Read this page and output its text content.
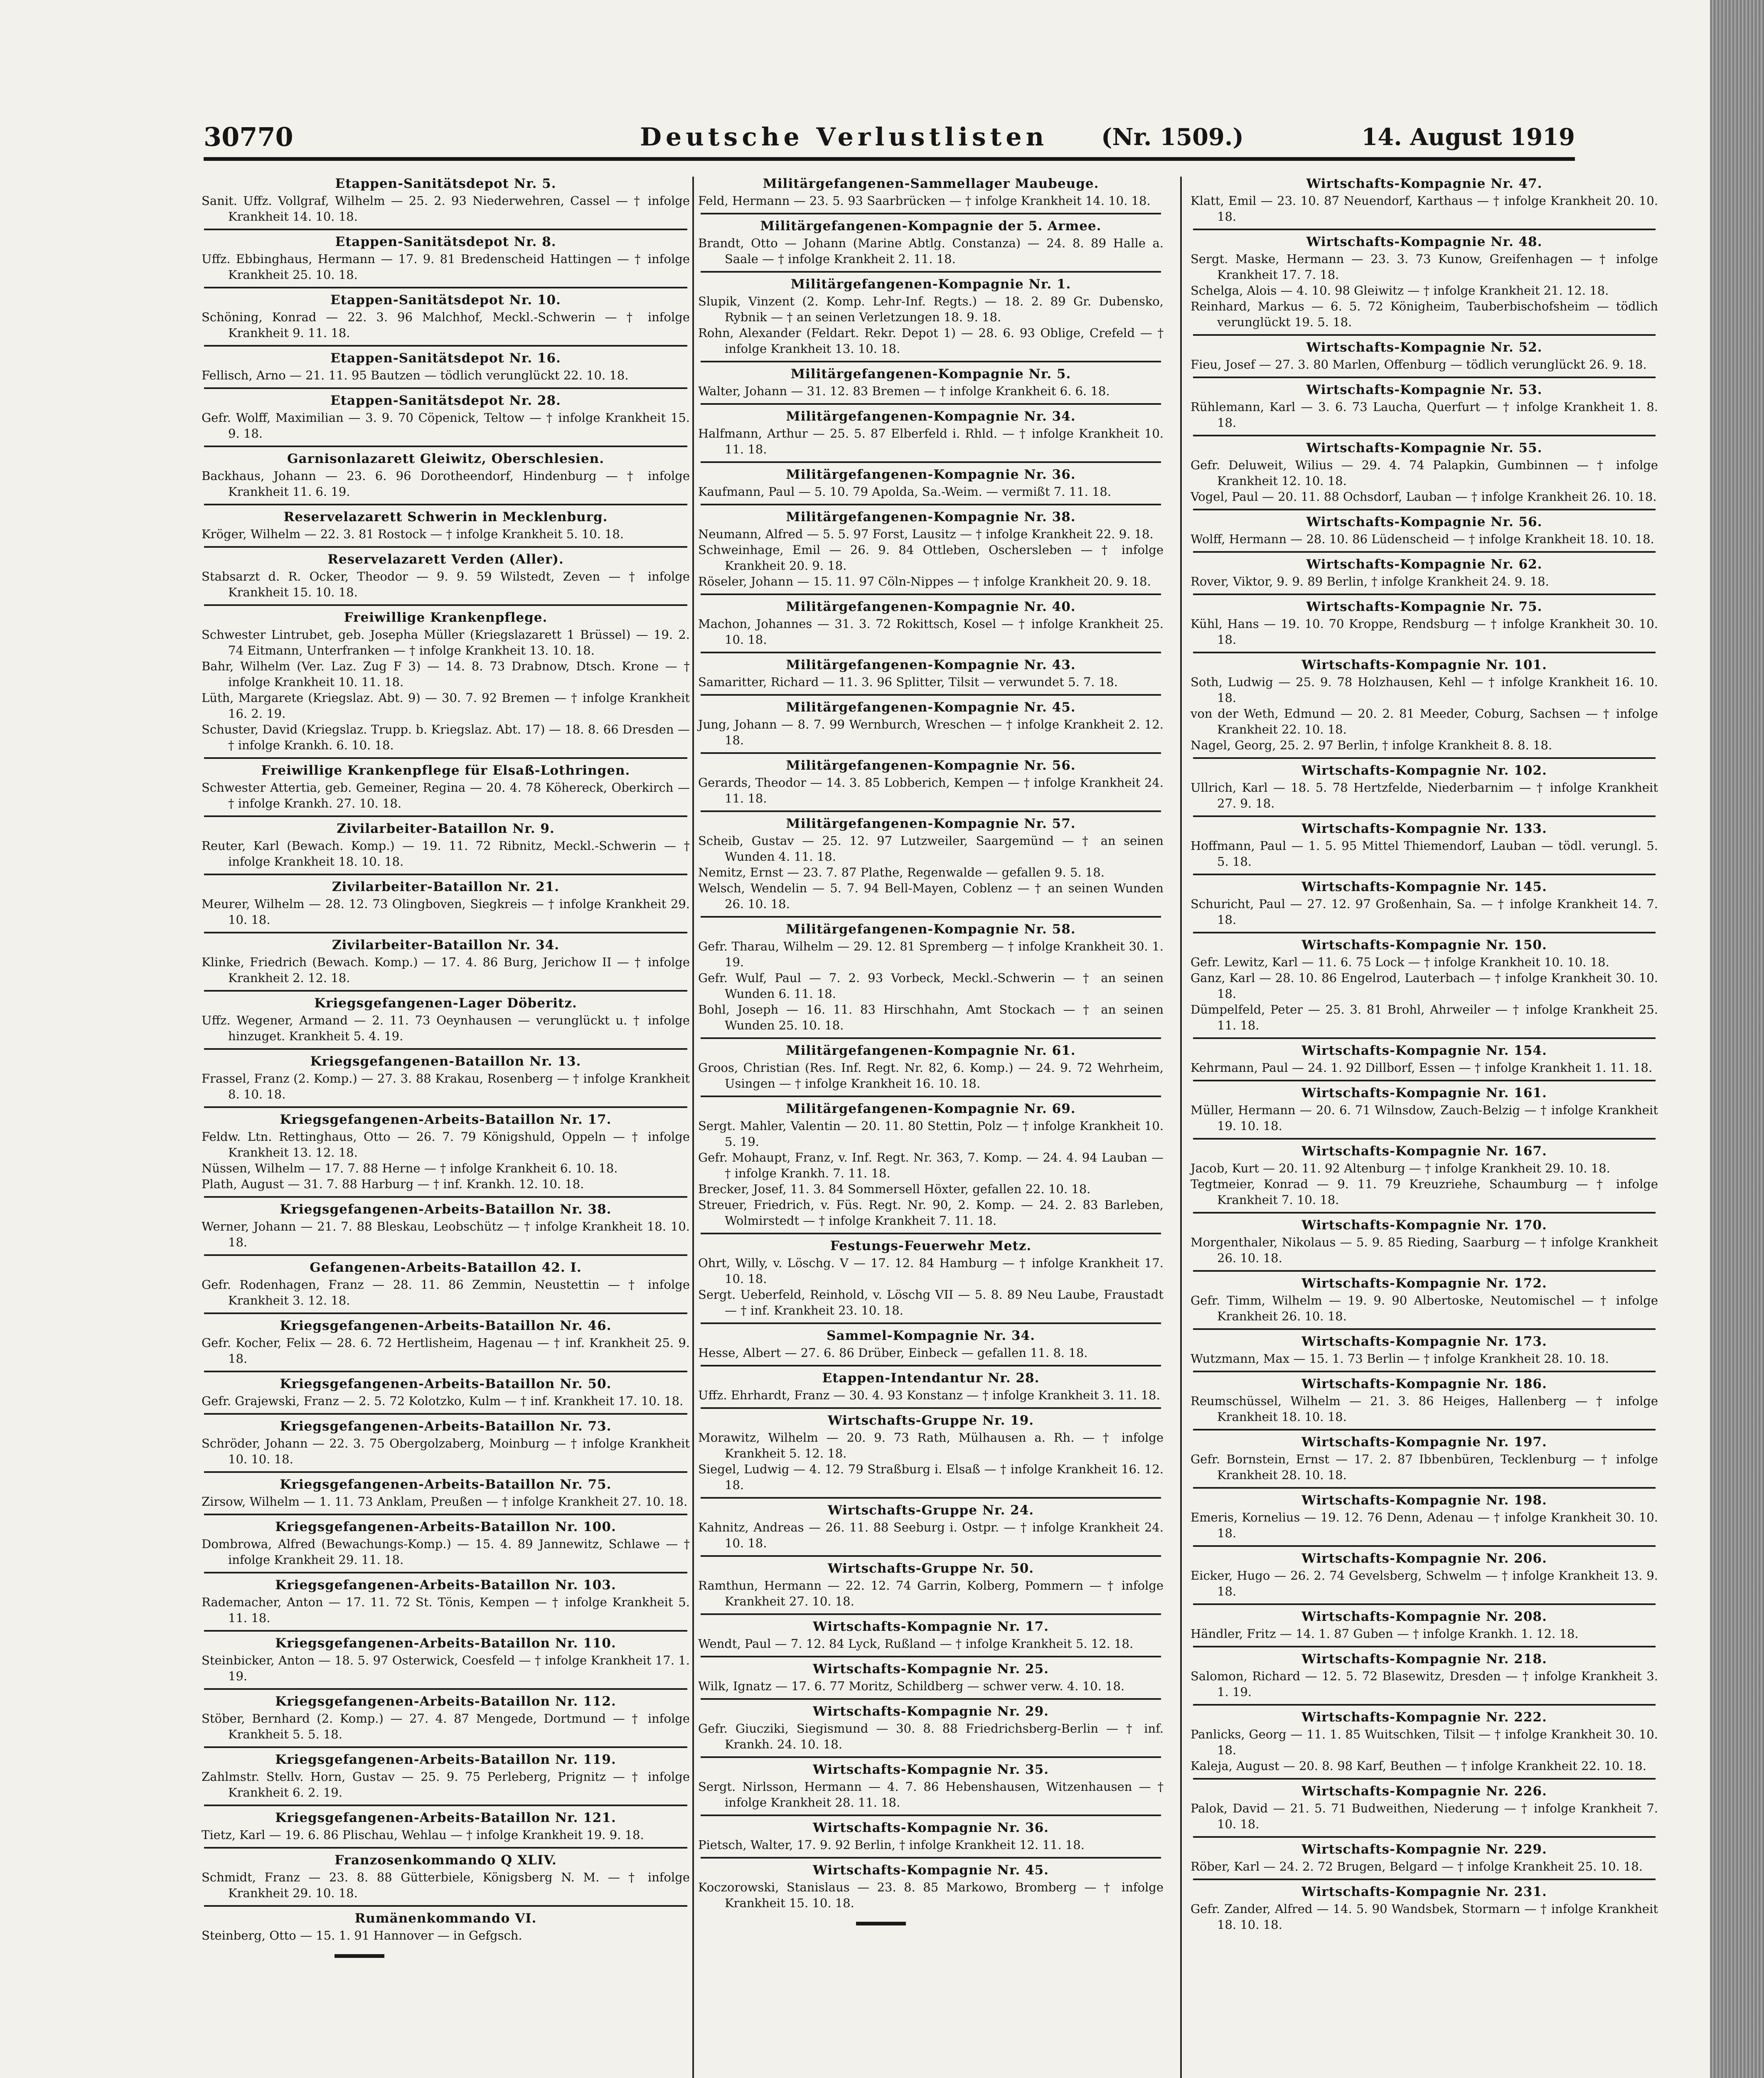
30770	Deutsche Verlustlisten (Nr. 1509.)	14. August 1919
Etappen-Sanitätsdepot Nr. 5.
Sanit. Uffz. Vollgraf, Wilhelm — 25. 2. 93 Niederwehren, Cassel — † infolge Krankheit 14. 10. 18.
Etappen-Sanitätsdepot Nr. 8.
Uffz. Ebbinghaus, Hermann — 17. 9. 81 Bredenscheid Hattingen — † infolge Krankheit 25. 10. 18.
Etappen-Sanitätsdepot Nr. 10.
Schöning, Konrad — 22. 3. 96 Malchhof, Meckl.-Schwerin — † infolge Krankheit 9. 11. 18.
Etappen-Sanitätsdepot Nr. 16.
Fellisch, Arno — 21. 11. 95 Bautzen — tödlich verunglückt 22. 10. 18.
Etappen-Sanitätsdepot Nr. 28.
Gefr. Wolff, Maximilian — 3. 9. 70 Cöpenick, Teltow — † infolge Krankheit 15. 9. 18.
Garnisonlazarett Gleiwitz, Oberschlesien.
Backhaus, Johann — 23. 6. 96 Dorotheendorf, Hindenburg — † infolge Krankheit 11. 6. 19.
Reservelazarett Schwerin in Mecklenburg.
Kröger, Wilhelm — 22. 3. 81 Rostock — † infolge Krankheit 5. 10. 18.
Reservelazarett Verden (Aller).
Stabsarzt d. R. Ocker, Theodor — 9. 9. 59 Wilstedt, Zeven — † infolge Krankheit 15. 10. 18.
Freiwillige Krankenpflege.
Schwester Lintrubet, geb. Josepha Müller (Kriegslazarett 1 Brüssel) — 19. 2. 74 Eitmann, Unterfranken — † infolge Krankheit 13. 10. 18.
Bahr, Wilhelm (Ver. Laz. Zug F 3) — 14. 8. 73 Drabnow, Dtsch. Krone — † infolge Krankheit 10. 11. 18.
Lüth, Margarete (Kriegslaz. Abt. 9) — 30. 7. 92 Bremen — † infolge Krankheit 16. 2. 19.
Schuster, David (Kriegslaz. Trupp. b. Kriegslaz. Abt. 17) — 18. 8. 66 Dresden — † infolge Krankh. 6. 10. 18.
Freiwillige Krankenpflege für Elsaß-Lothringen.
Schwester Attertia, geb. Gemeiner, Regina — 20. 4. 78 Köhereck, Oberkirch — † infolge Krankh. 27. 10. 18.
Zivilarbeiter-Bataillon Nr. 9.
Reuter, Karl (Bewach. Komp.) — 19. 11. 72 Ribnitz, Meckl.-Schwerin — † infolge Krankheit 18. 10. 18.
Zivilarbeiter-Bataillon Nr. 21.
Meurer, Wilhelm — 28. 12. 73 Olingboven, Siegkreis — † infolge Krankheit 29. 10. 18.
Zivilarbeiter-Bataillon Nr. 34.
Klinke, Friedrich (Bewach. Komp.) — 17. 4. 86 Burg, Jerichow II — † infolge Krankheit 2. 12. 18.
Kriegsgefangenen-Lager Döberitz.
Uffz. Wegener, Armand — 2. 11. 73 Oeynhausen — verunglückt u. † infolge hinzuget. Krankheit 5. 4. 19.
Kriegsgefangenen-Bataillon Nr. 13.
Frassel, Franz (2. Komp.) — 27. 3. 88 Krakau, Rosenberg — † infolge Krankheit 8. 10. 18.
Kriegsgefangenen-Arbeits-Bataillon Nr. 17.
Feldw. Ltn. Rettinghaus, Otto — 26. 7. 79 Königshuld, Oppeln — † infolge Krankheit 13. 12. 18.
Nüssen, Wilhelm — 17. 7. 88 Herne — † infolge Krankheit 6. 10. 18.
Plath, August — 31. 7. 88 Harburg — † inf. Krankh. 12. 10. 18.
Kriegsgefangenen-Arbeits-Bataillon Nr. 38.
Werner, Johann — 21. 7. 88 Bleskau, Leobschütz — † infolge Krankheit 18. 10. 18.
Gefangenen-Arbeits-Bataillon 42. I.
Gefr. Rodenhagen, Franz — 28. 11. 86 Zemmin, Neustettin — † infolge Krankheit 3. 12. 18.
Kriegsgefangenen-Arbeits-Bataillon Nr. 46.
Gefr. Kocher, Felix — 28. 6. 72 Hertlisheim, Hagenau — † inf. Krankheit 25. 9. 18.
Kriegsgefangenen-Arbeits-Bataillon Nr. 50.
Gefr. Grajewski, Franz — 2. 5. 72 Kolotzko, Kulm — † inf. Krankheit 17. 10. 18.
Kriegsgefangenen-Arbeits-Bataillon Nr. 73.
Schröder, Johann — 22. 3. 75 Obergolzaberg, Moinburg — † infolge Krankheit 10. 10. 18.
Kriegsgefangenen-Arbeits-Bataillon Nr. 75.
Zirsow, Wilhelm — 1. 11. 73 Anklam, Preußen — † infolge Krankheit 27. 10. 18.
Kriegsgefangenen-Arbeits-Bataillon Nr. 100.
Dombrowa, Alfred (Bewachungs-Komp.) — 15. 4. 89 Jannewitz, Schlawe — † infolge Krankheit 29. 11. 18.
Kriegsgefangenen-Arbeits-Bataillon Nr. 103.
Rademacher, Anton — 17. 11. 72 St. Tönis, Kempen — † infolge Krankheit 5. 11. 18.
Kriegsgefangenen-Arbeits-Bataillon Nr. 110.
Steinbicker, Anton — 18. 5. 97 Osterwick, Coesfeld — † infolge Krankheit 17. 1. 19.
Kriegsgefangenen-Arbeits-Bataillon Nr. 112.
Stöber, Bernhard (2. Komp.) — 27. 4. 87 Mengede, Dortmund — † infolge Krankheit 5. 5. 18.
Kriegsgefangenen-Arbeits-Bataillon Nr. 119.
Zahlmstr. Stellv. Horn, Gustav — 25. 9. 75 Perleberg, Prignitz — † infolge Krankheit 6. 2. 19.
Kriegsgefangenen-Arbeits-Bataillon Nr. 121.
Tietz, Karl — 19. 6. 86 Plischau, Wehlau — † infolge Krankheit 19. 9. 18.
Franzosenkommando Q XLIV.
Schmidt, Franz — 23. 8. 88 Gütterbiele, Königsberg N. M. — † infolge Krankheit 29. 10. 18.
Rumänenkommando VI.
Steinberg, Otto — 15. 1. 91 Hannover — in Gefgsch.
Militärgefangenen-Sammellager Maubeuge.
Feld, Hermann — 23. 5. 93 Saarbrücken — † infolge Krankheit 14. 10. 18.
Militärgefangenen-Kompagnie der 5. Armee.
Brandt, Otto — Johann (Marine Abtlg. Constanza) — 24. 8. 89 Halle a. Saale — † infolge Krankheit 2. 11. 18.
Militärgefangenen-Kompagnie Nr. 1.
Slupik, Vinzent (2. Komp. Lehr-Inf. Regts.) — 18. 2. 89 Gr. Dubensko, Rybnik — † an seinen Verletzungen 18. 9. 18.
Rohn, Alexander (Feldart. Rekr. Depot 1) — 28. 6. 93 Oblige, Crefeld — † infolge Krankheit 13. 10. 18.
Militärgefangenen-Kompagnie Nr. 5.
Walter, Johann — 31. 12. 83 Bremen — † infolge Krankheit 6. 6. 18.
Militärgefangenen-Kompagnie Nr. 34.
Halfmann, Arthur — 25. 5. 87 Elberfeld i. Rhld. — † infolge Krankheit 10. 11. 18.
Militärgefangenen-Kompagnie Nr. 36.
Kaufmann, Paul — 5. 10. 79 Apolda, Sa.-Weim. — vermißt 7. 11. 18.
Militärgefangenen-Kompagnie Nr. 38.
Neumann, Alfred — 5. 5. 97 Forst, Lausitz — † infolge Krankheit 22. 9. 18.
Schweinhage, Emil — 26. 9. 84 Ottleben, Oschersleben — † infolge Krankheit 20. 9. 18.
Röseler, Johann — 15. 11. 97 Cöln-Nippes — † infolge Krankheit 20. 9. 18.
Militärgefangenen-Kompagnie Nr. 40.
Machon, Johannes — 31. 3. 72 Rokittsch, Kosel — † infolge Krankheit 25. 10. 18.
Militärgefangenen-Kompagnie Nr. 43.
Samaritter, Richard — 11. 3. 96 Splitter, Tilsit — verwundet 5. 7. 18.
Militärgefangenen-Kompagnie Nr. 45.
Jung, Johann — 8. 7. 99 Wernburch, Wreschen — † infolge Krankheit 2. 12. 18.
Militärgefangenen-Kompagnie Nr. 56.
Gerards, Theodor — 14. 3. 85 Lobberich, Kempen — † infolge Krankheit 24. 11. 18.
Militärgefangenen-Kompagnie Nr. 57.
Scheib, Gustav — 25. 12. 97 Lutzweiler, Saargemünd — † an seinen Wunden 4. 11. 18.
Nemitz, Ernst — 23. 7. 87 Plathe, Regenwalde — gefallen 9. 5. 18.
Welsch, Wendelin — 5. 7. 94 Bell-Mayen, Coblenz — † an seinen Wunden 26. 10. 18.
Militärgefangenen-Kompagnie Nr. 58.
Gefr. Tharau, Wilhelm — 29. 12. 81 Spremberg — † infolge Krankheit 30. 1. 19.
Gefr. Wulf, Paul — 7. 2. 93 Vorbeck, Meckl.-Schwerin — † an seinen Wunden 6. 11. 18.
Bohl, Joseph — 16. 11. 83 Hirschhahn, Amt Stockach — † an seinen Wunden 25. 10. 18.
Militärgefangenen-Kompagnie Nr. 61.
Groos, Christian (Res. Inf. Regt. Nr. 82, 6. Komp.) — 24. 9. 72 Wehrheim, Usingen — † infolge Krankheit 16. 10. 18.
Militärgefangenen-Kompagnie Nr. 69.
Sergt. Mahler, Valentin — 20. 11. 80 Stettin, Polz — † infolge Krankheit 10. 5. 19.
Gefr. Mohaupt, Franz, v. Inf. Regt. Nr. 363, 7. Komp. — 24. 4. 94 Lauban — † infolge Krankh. 7. 11. 18.
Brecker, Josef, 11. 3. 84 Sommersell Höxter, gefallen 22. 10. 18.
Streuer, Friedrich, v. Füs. Regt. Nr. 90, 2. Komp. — 24. 2. 83 Barleben, Wolmirstedt — † infolge Krankheit 7. 11. 18.
Festungs-Feuerwehr Metz.
Ohrt, Willy, v. Löschg. V — 17. 12. 84 Hamburg — † infolge Krankheit 17. 10. 18.
Sergt. Ueberfeld, Reinhold, v. Löschg VII — 5. 8. 89 Neu Laube, Fraustadt — † inf. Krankheit 23. 10. 18.
Sammel-Kompagnie Nr. 34.
Hesse, Albert — 27. 6. 86 Drüber, Einbeck — gefallen 11. 8. 18.
Etappen-Intendantur Nr. 28.
Uffz. Ehrhardt, Franz — 30. 4. 93 Konstanz — † infolge Krankheit 3. 11. 18.
Wirtschafts-Gruppe Nr. 19.
Morawitz, Wilhelm — 20. 9. 73 Rath, Mülhausen a. Rh. — † infolge Krankheit 5. 12. 18.
Siegel, Ludwig — 4. 12. 79 Straßburg i. Elsaß — † infolge Krankheit 16. 12. 18.
Wirtschafts-Gruppe Nr. 24.
Kahnitz, Andreas — 26. 11. 88 Seeburg i. Ostpr. — † infolge Krankheit 24. 10. 18.
Wirtschafts-Gruppe Nr. 50.
Ramthun, Hermann — 22. 12. 74 Garrin, Kolberg, Pommern — † infolge Krankheit 27. 10. 18.
Wirtschafts-Kompagnie Nr. 17.
Wendt, Paul — 7. 12. 84 Lyck, Rußland — † infolge Krankheit 5. 12. 18.
Wirtschafts-Kompagnie Nr. 25.
Wilk, Ignatz — 17. 6. 77 Moritz, Schildberg — schwer verw. 4. 10. 18.
Wirtschafts-Kompagnie Nr. 29.
Gefr. Giucziki, Siegismund — 30. 8. 88 Friedrichsberg-Berlin — † inf. Krankh. 24. 10. 18.
Wirtschafts-Kompagnie Nr. 35.
Sergt. Nirlsson, Hermann — 4. 7. 86 Hebenshausen, Witzenhausen — † infolge Krankheit 28. 11. 18.
Wirtschafts-Kompagnie Nr. 36.
Pietsch, Walter, 17. 9. 92 Berlin, † infolge Krankheit 12. 11. 18.
Wirtschafts-Kompagnie Nr. 45.
Koczorowski, Stanislaus — 23. 8. 85 Markowo, Bromberg — † infolge Krankheit 15. 10. 18.
Wirtschafts-Kompagnie Nr. 47.
Klatt, Emil — 23. 10. 87 Neuendorf, Karthaus — † infolge Krankheit 20. 10. 18.
Wirtschafts-Kompagnie Nr. 48.
Sergt. Maske, Hermann — 23. 3. 73 Kunow, Greifenhagen — † infolge Krankheit 17. 7. 18.
Schelga, Alois — 4. 10. 98 Gleiwitz — † infolge Krankheit 21. 12. 18.
Reinhard, Markus — 6. 5. 72 Königheim, Tauberbischofsheim — tödlich verunglückt 19. 5. 18.
Wirtschafts-Kompagnie Nr. 52.
Fieu, Josef — 27. 3. 80 Marlen, Offenburg — tödlich verunglückt 26. 9. 18.
Wirtschafts-Kompagnie Nr. 53.
Rühlemann, Karl — 3. 6. 73 Laucha, Querfurt — † infolge Krankheit 1. 8. 18.
Wirtschafts-Kompagnie Nr. 55.
Gefr. Deluweit, Wilius — 29. 4. 74 Palapkin, Gumbinnen — † infolge Krankheit 12. 10. 18.
Vogel, Paul — 20. 11. 88 Ochsdorf, Lauban — † infolge Krankheit 26. 10. 18.
Wirtschafts-Kompagnie Nr. 56.
Wolff, Hermann — 28. 10. 86 Lüdenscheid — † infolge Krankheit 18. 10. 18.
Wirtschafts-Kompagnie Nr. 62.
Rover, Viktor, 9. 9. 89 Berlin, † infolge Krankheit 24. 9. 18.
Wirtschafts-Kompagnie Nr. 75.
Kühl, Hans — 19. 10. 70 Kroppe, Rendsburg — † infolge Krankheit 30. 10. 18.
Wirtschafts-Kompagnie Nr. 101.
Soth, Ludwig — 25. 9. 78 Holzhausen, Kehl — † infolge Krankheit 16. 10. 18.
von der Weth, Edmund — 20. 2. 81 Meeder, Coburg, Sachsen — † infolge Krankheit 22. 10. 18.
Nagel, Georg, 25. 2. 97 Berlin, † infolge Krankheit 8. 8. 18.
Wirtschafts-Kompagnie Nr. 102.
Ullrich, Karl — 18. 5. 78 Hertzfelde, Niederbarnim — † infolge Krankheit 27. 9. 18.
Wirtschafts-Kompagnie Nr. 133.
Hoffmann, Paul — 1. 5. 95 Mittel Thiemendorf, Lauban — tödl. verungl. 5. 5. 18.
Wirtschafts-Kompagnie Nr. 145.
Schuricht, Paul — 27. 12. 97 Großenhain, Sa. — † infolge Krankheit 14. 7. 18.
Wirtschafts-Kompagnie Nr. 150.
Gefr. Lewitz, Karl — 11. 6. 75 Lock — † infolge Krankheit 10. 10. 18.
Ganz, Karl — 28. 10. 86 Engelrod, Lauterbach — † infolge Krankheit 30. 10. 18.
Dümpelfeld, Peter — 25. 3. 81 Brohl, Ahrweiler — † infolge Krankheit 25. 11. 18.
Wirtschafts-Kompagnie Nr. 154.
Kehrmann, Paul — 24. 1. 92 Dillborf, Essen — † infolge Krankheit 1. 11. 18.
Wirtschafts-Kompagnie Nr. 161.
Müller, Hermann — 20. 6. 71 Wilnsdow, Zauch-Belzig — † infolge Krankheit 19. 10. 18.
Wirtschafts-Kompagnie Nr. 167.
Jacob, Kurt — 20. 11. 92 Altenburg — † infolge Krankheit 29. 10. 18.
Tegtmeier, Konrad — 9. 11. 79 Kreuzriehe, Schaumburg — † infolge Krankheit 7. 10. 18.
Wirtschafts-Kompagnie Nr. 170.
Morgenthaler, Nikolaus — 5. 9. 85 Rieding, Saarburg — † infolge Krankheit 26. 10. 18.
Wirtschafts-Kompagnie Nr. 172.
Gefr. Timm, Wilhelm — 19. 9. 90 Albertoske, Neutomischel — † infolge Krankheit 26. 10. 18.
Wirtschafts-Kompagnie Nr. 173.
Wutzmann, Max — 15. 1. 73 Berlin — † infolge Krankheit 28. 10. 18.
Wirtschafts-Kompagnie Nr. 186.
Reumschüssel, Wilhelm — 21. 3. 86 Heiges, Hallenberg — † infolge Krankheit 18. 10. 18.
Wirtschafts-Kompagnie Nr. 197.
Gefr. Bornstein, Ernst — 17. 2. 87 Ibbenbüren, Tecklenburg — † infolge Krankheit 28. 10. 18.
Wirtschafts-Kompagnie Nr. 198.
Emeris, Kornelius — 19. 12. 76 Denn, Adenau — † infolge Krankheit 30. 10. 18.
Wirtschafts-Kompagnie Nr. 206.
Eicker, Hugo — 26. 2. 74 Gevelsberg, Schwelm — † infolge Krankheit 13. 9. 18.
Wirtschafts-Kompagnie Nr. 208.
Händler, Fritz — 14. 1. 87 Guben — † infolge Krankh. 1. 12. 18.
Wirtschafts-Kompagnie Nr. 218.
Salomon, Richard — 12. 5. 72 Blasewitz, Dresden — † infolge Krankheit 3. 1. 19.
Wirtschafts-Kompagnie Nr. 222.
Panlicks, Georg — 11. 1. 85 Wuitschken, Tilsit — † infolge Krankheit 30. 10. 18.
Kaleja, August — 20. 8. 98 Karf, Beuthen — † infolge Krankheit 22. 10. 18.
Wirtschafts-Kompagnie Nr. 226.
Palok, David — 21. 5. 71 Budweithen, Niederung — † infolge Krankheit 7. 10. 18.
Wirtschafts-Kompagnie Nr. 229.
Röber, Karl — 24. 2. 72 Brugen, Belgard — † infolge Krankheit 25. 10. 18.
Wirtschafts-Kompagnie Nr. 231.
Gefr. Zander, Alfred — 14. 5. 90 Wandsbek, Stormarn — † infolge Krankheit 18. 10. 18.
